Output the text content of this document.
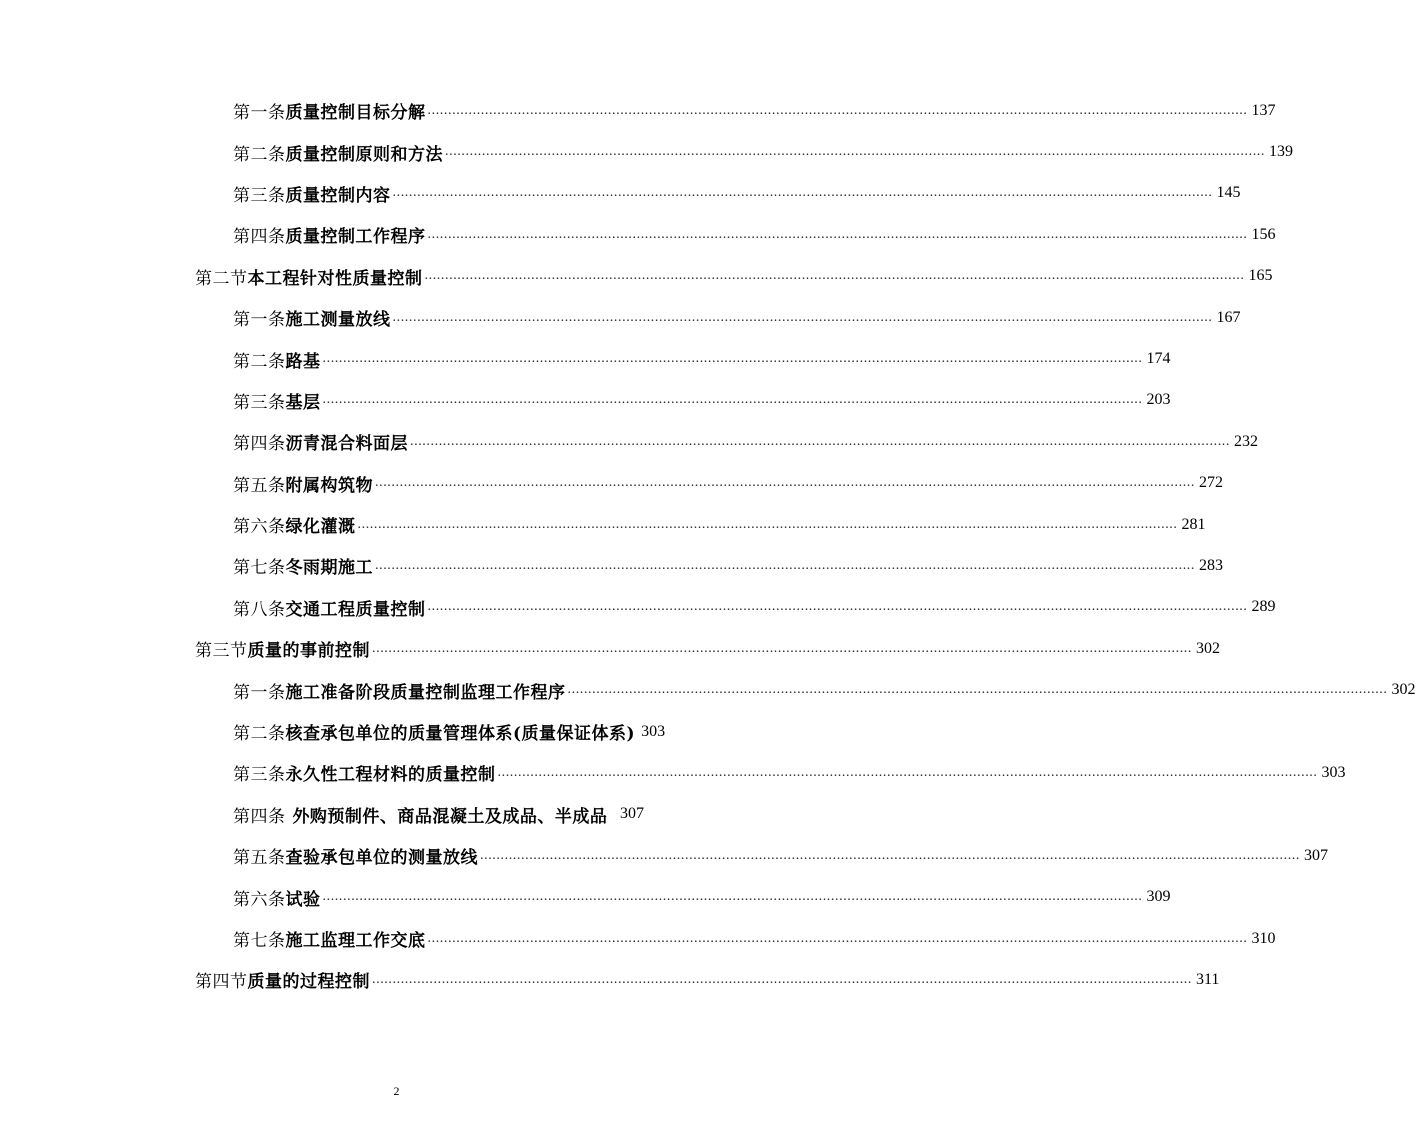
第一条 质量控制目标分解 ........................................................................................................................................................................................................ 137
第二条 质量控制原则和方法 ........................................................................................................................................................................................................ 139
第三条 质量控制内容 ........................................................................................................................................................................................................ 145
第四条 质量控制工作程序 ........................................................................................................................................................................................................ 156
第二节 本工程针对性质量控制 ........................................................................................................................................................................................................ 165
第一条 施工测量放线 ........................................................................................................................................................................................................ 167
第二条 路基 ........................................................................................................................................................................................................ 174
第三条 基层 ........................................................................................................................................................................................................ 203
第四条 沥青混合料面层 ........................................................................................................................................................................................................ 232
第五条 附属构筑物 ........................................................................................................................................................................................................ 272
第六条 绿化灌溉 ........................................................................................................................................................................................................ 281
第七条 冬雨期施工 ........................................................................................................................................................................................................ 283
第八条 交通工程质量控制 ........................................................................................................................................................................................................ 289
第三节 质量的事前控制 ........................................................................................................................................................................................................ 302
第一条 施工准备阶段质量控制监理工作程序 ........................................................................................................................................................................................................ 302
第二条 核查承包单位的质量管理体系(质量保证体系) 303
第三条 永久性工程材料的质量控制 ........................................................................................................................................................................................................ 303
第四条 外购预制件、商品混凝土及成品、半成品 307
第五条 查验承包单位的测量放线 ........................................................................................................................................................................................................ 307
第六条 试验 ........................................................................................................................................................................................................ 309
第七条 施工监理工作交底 ........................................................................................................................................................................................................ 310
第四节 质量的过程控制 ........................................................................................................................................................................................................ 311
2
